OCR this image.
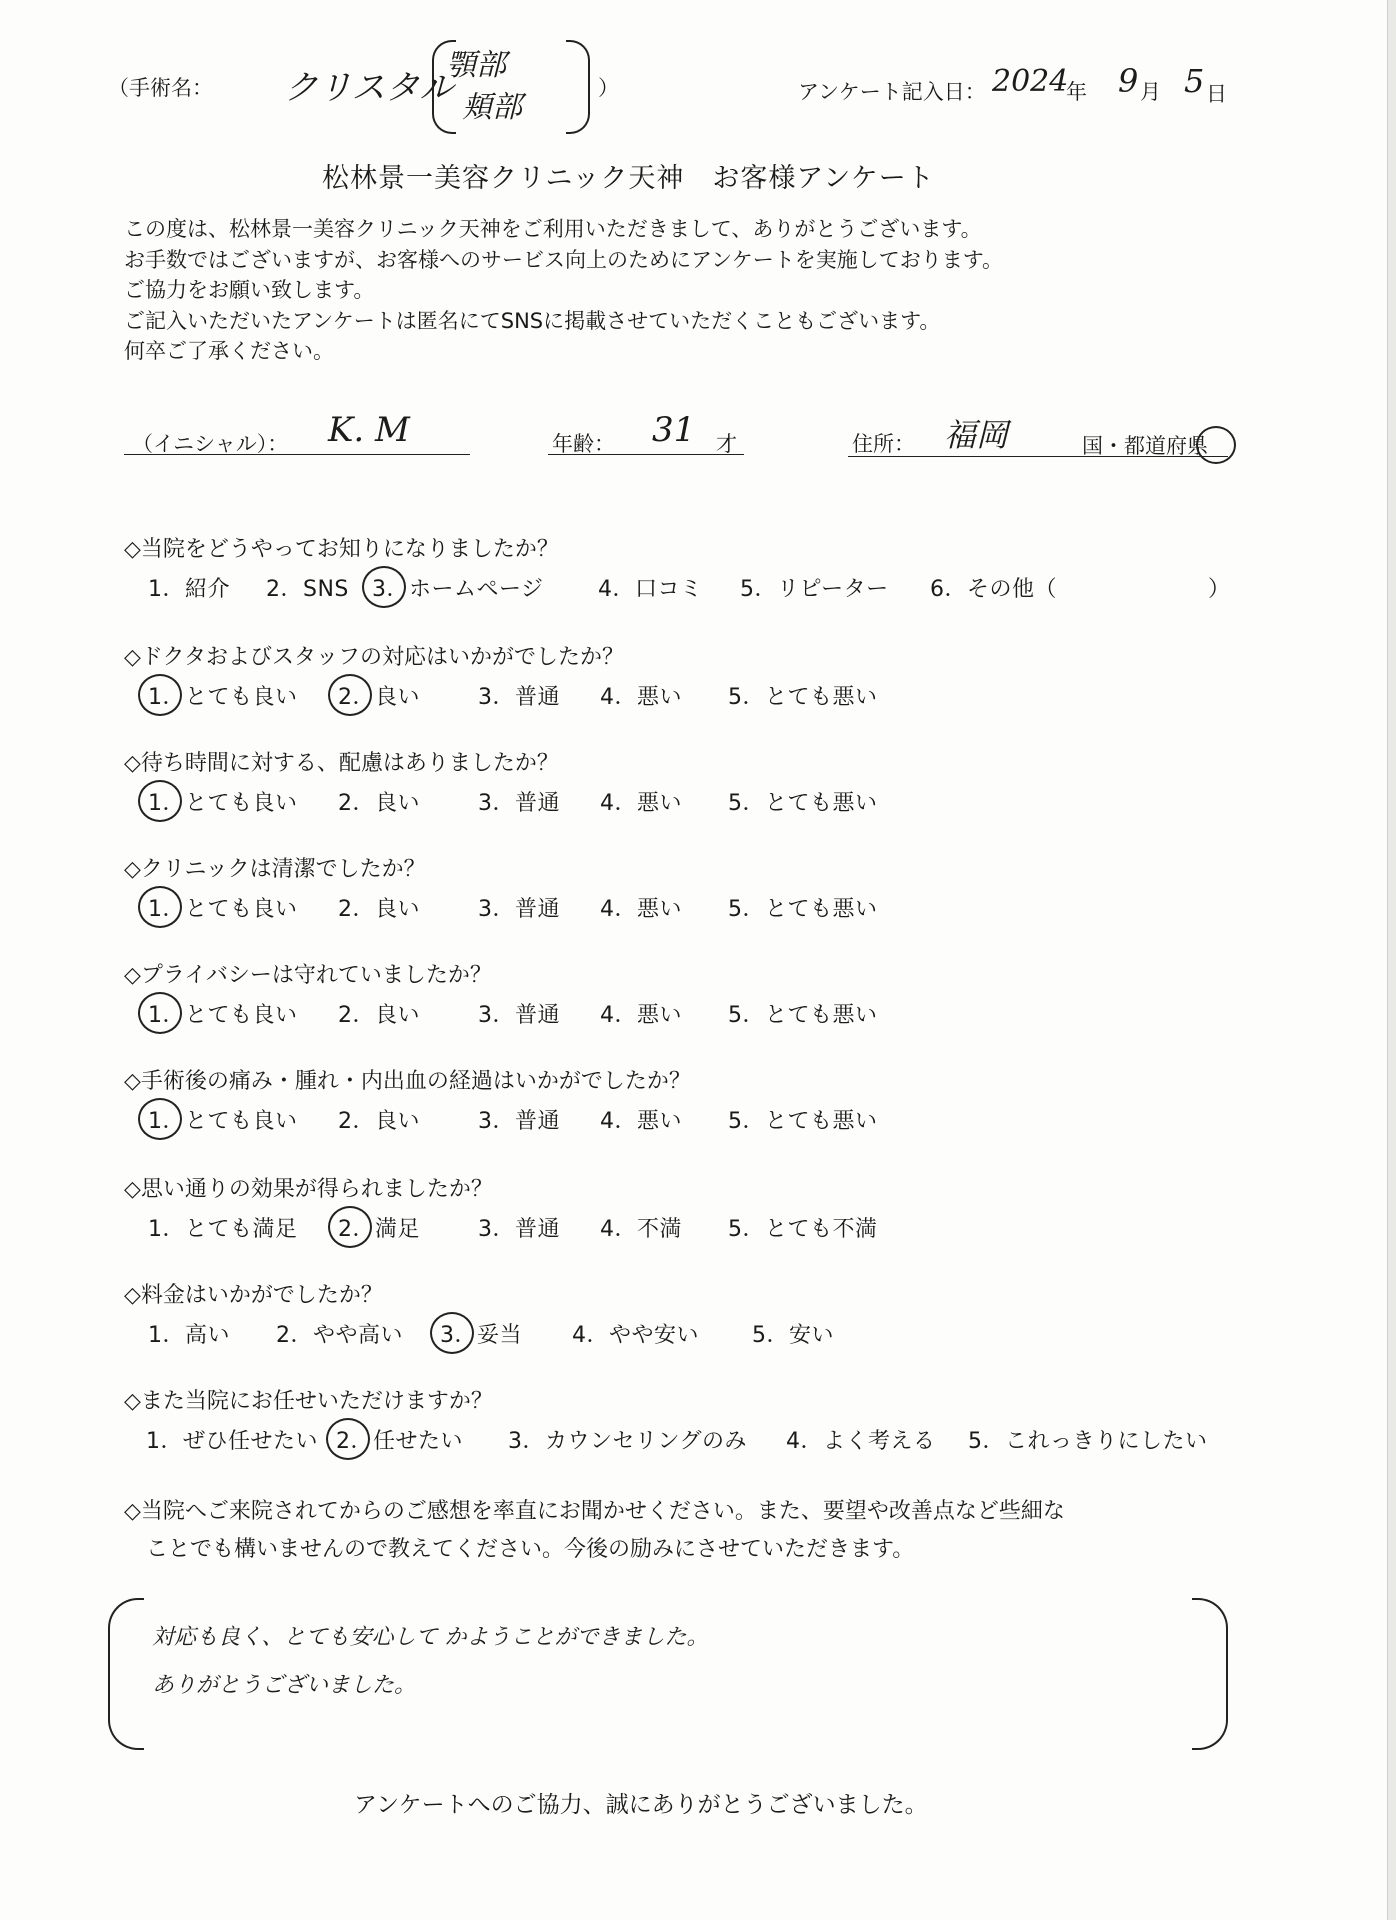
（手術名： クリスタル
顎部
頬部
）	アンケート記入日： 2024
年 9 月 5 日
松林景一美容クリニック天神　お客様アンケート
この度は、松林景一美容クリニック天神をご利用いただきまして、ありがとうございます。
お手数ではございますが、お客様へのサービス向上のためにアンケートを実施しております。
ご協力をお願い致します。
ご記入いただいたアンケートは匿名にてSNSに掲載させていただくこともございます。
何卒ご了承ください。
（イニシャル）： K. M	年齢： 31 才	住所： 福岡	国・都道府県
◇当院をどうやってお知りになりましたか？
1．紹介 2．SNS 3．ホームページ 4．口コミ 5．リピーター 6．その他（	）
◇ドクタおよびスタッフの対応はいかがでしたか？
1．とても良い 2．良い	3．普通 4．悪い 5．とても悪い
◇待ち時間に対する、配慮はありましたか？
1．とても良い 2．良い	3．普通 4．悪い 5．とても悪い
◇クリニックは清潔でしたか？
1．とても良い 2．良い	3．普通 4．悪い 5．とても悪い
◇プライバシーは守れていましたか？
1．とても良い 2．良い	3．普通 4．悪い 5．とても悪い
◇手術後の痛み・腫れ・内出血の経過はいかがでしたか？
1．とても良い 2．良い	3．普通 4．悪い 5．とても悪い
◇思い通りの効果が得られましたか？
1．とても満足 2．満足	3．普通 4．不満 5．とても不満
◇料金はいかがでしたか？
1．高い 2．やや高い 3．妥当 4．やや安い 5．安い
◇また当院にお任せいただけますか？
1．ぜひ任せたい 2．任せたい 3．カウンセリングのみ 4．よく考える 5．これっきりにしたい
◇当院へご来院されてからのご感想を率直にお聞かせください。また、要望や改善点など些細な
ことでも構いませんので教えてください。今後の励みにさせていただきます。
対応も良く、とても安心して かようことができました。
ありがとうございました。
アンケートへのご協力、誠にありがとうございました。
